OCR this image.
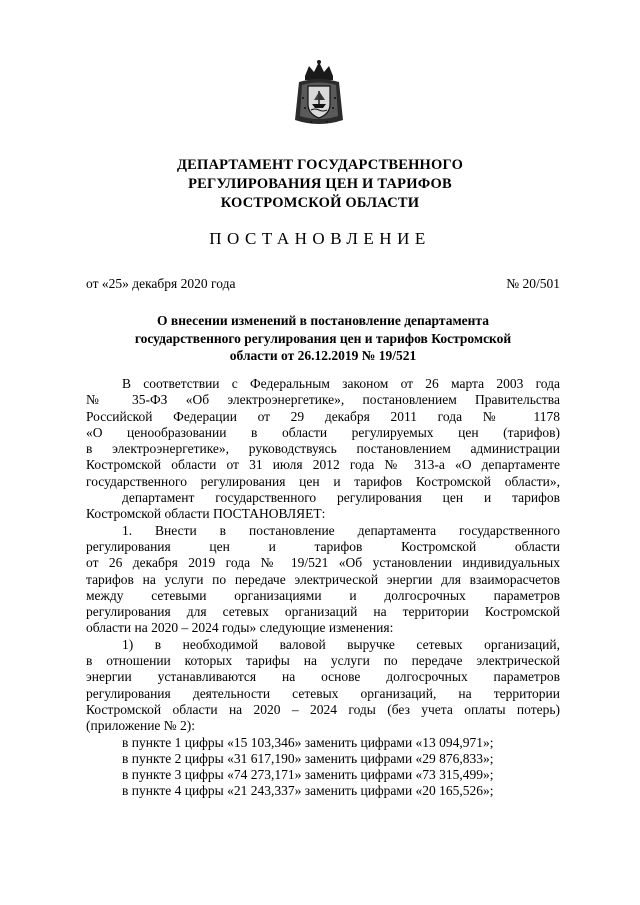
ДЕПАРТАМЕНТ ГОСУДАРСТВЕННОГО
РЕГУЛИРОВАНИЯ ЦЕН И ТАРИФОВ
КОСТРОМСКОЙ ОБЛАСТИ
ПОСТАНОВЛЕНИЕ
от «25» декабря 2020 года	№ 20/501
О внесении изменений в постановление департамента
государственного регулирования цен и тарифов Костромской
области от 26.12.2019 № 19/521
В соответствии с Федеральным законом от 26 марта 2003 года
№ 35-ФЗ «Об электроэнергетике», постановлением Правительства
Российской Федерации от 29 декабря 2011 года № 1178
«О ценообразовании в области регулируемых цен (тарифов)
в электроэнергетике», руководствуясь постановлением администрации
Костромской области от 31 июля 2012 года № 313-а «О департаменте
государственного регулирования цен и тарифов Костромской области»,
департамент государственного регулирования цен и тарифов
Костромской области ПОСТАНОВЛЯЕТ:
1. Внести в постановление департамента государственного
регулирования цен и тарифов Костромской области
от 26 декабря 2019 года № 19/521 «Об установлении индивидуальных
тарифов на услуги по передаче электрической энергии для взаиморасчетов
между сетевыми организациями и долгосрочных параметров
регулирования для сетевых организаций на территории Костромской
области на 2020 – 2024 годы» следующие изменения:
1) в необходимой валовой выручке сетевых организаций,
в отношении которых тарифы на услуги по передаче электрической
энергии устанавливаются на основе долгосрочных параметров
регулирования деятельности сетевых организаций, на территории
Костромской области на 2020 – 2024 годы (без учета оплаты потерь)
(приложение № 2):
в пункте 1 цифры «15 103,346» заменить цифрами «13 094,971»;
в пункте 2 цифры «31 617,190» заменить цифрами «29 876,833»;
в пункте 3 цифры «74 273,171» заменить цифрами «73 315,499»;
в пункте 4 цифры «21 243,337» заменить цифрами «20 165,526»;
